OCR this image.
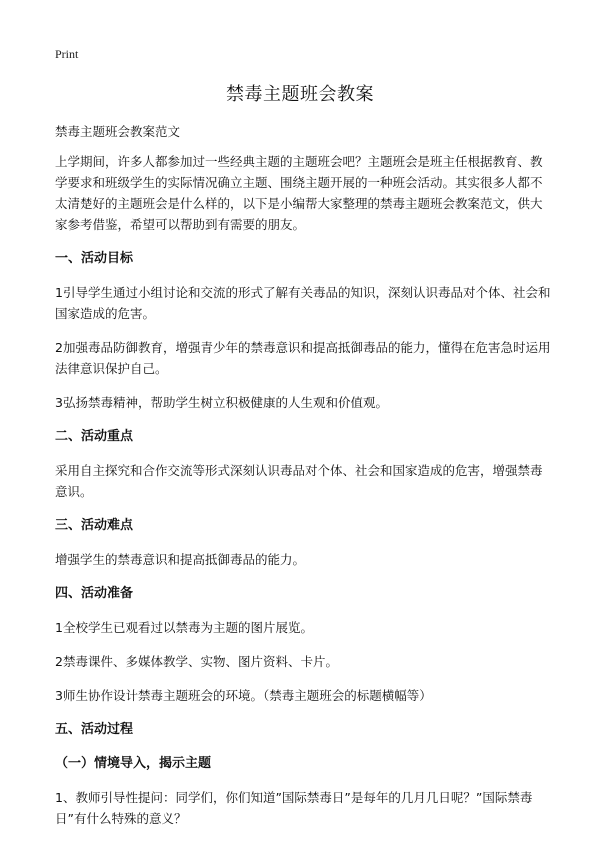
Print
禁毒主题班会教案
禁毒主题班会教案范文

上学期间，许多人都参加过一些经典主题的主题班会吧？主题班会是班主任根据教育、教学要求和班级学生的实际情况确立主题、围绕主题开展的一种班会活动。其实很多人都不太清楚好的主题班会是什么样的，以下是小编帮大家整理的禁毒主题班会教案范文，供大家参考借鉴，希望可以帮助到有需要的朋友。

一、活动目标

1引导学生通过小组讨论和交流的形式了解有关毒品的知识，深刻认识毒品对个体、社会和国家造成的危害。

2加强毒品防御教育，增强青少年的禁毒意识和提高抵御毒品的能力，懂得在危害急时运用法律意识保护自己。

3弘扬禁毒精神，帮助学生树立积极健康的人生观和价值观。

二、活动重点

采用自主探究和合作交流等形式深刻认识毒品对个体、社会和国家造成的危害，增强禁毒意识。

三、活动难点

增强学生的禁毒意识和提高抵御毒品的能力。

四、活动准备

1全校学生已观看过以禁毒为主题的图片展览。

2禁毒课件、多媒体教学、实物、图片资料、卡片。

3师生协作设计禁毒主题班会的环境。（禁毒主题班会的标题横幅等）

五、活动过程
（一）情境导入，揭示主题

1、教师引导性提问：同学们，你们知道”国际禁毒日”是每年的几月几日呢？”国际禁毒日”有什么特殊的意义？
